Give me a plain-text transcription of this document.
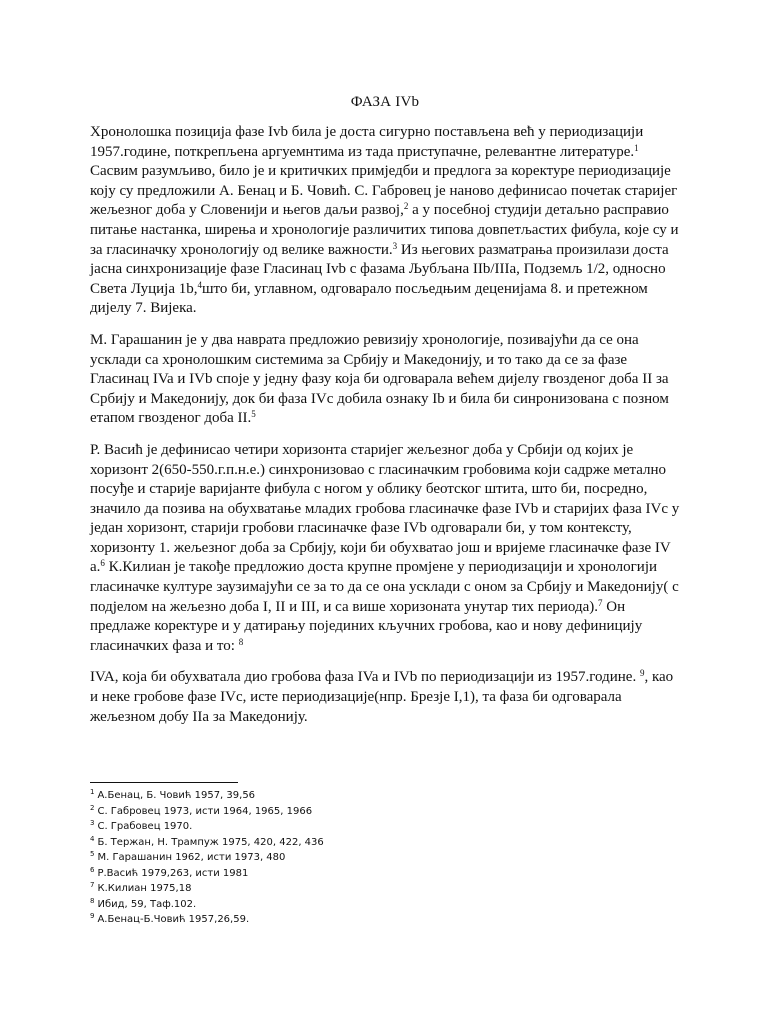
ФАЗА IVb

Хронолошка позиција фазе Ivb била је доста сигурно постављена већ у периодизацији 1957.године, поткрепљена аргуемнтима из тада приступачне, релевантне литературе.$^1$ Сасвим разумљиво, било је и критичких примједби и предлога за коректуре периодизације коју су предложили А. Бенац и Б. Човић. С. Габровец је наново дефинисао почетак старијег жељезног доба у Словенији и његов даљи развој,$^2$ а у посебној студији детаљно расправио питање настанка, ширења и хронологије различитих типова довпетљастих фибула, које су и за гласиначку хронологију од велике важности.$^3$ Из његових разматрања произилази доста јасна синхронизације фазе Гласинац Ivb с фазама Љубљана IIb/IIIa, Подземљ 1/2, односно Света Луција 1b,$^4$што би, углавном, одговарало посљедњим деценијама 8. и претежном дијелу 7. Вијека.

М. Гарашанин је у два наврата предложио ревизију хронологије, позивајући да се она усклади са хронолошким системима за Србију и Македонију, и то тако да се за фазе Гласинац IVa и IVb споје у једну фазу која би одговарала већем дијелу гвозденог доба II за Србију и Македонију, док би фаза IVc добила ознаку Ib и била би синронизована с позном етапом гвозденог доба II.$^5$

Р. Васић је дефинисао четири хоризонта старијег жељезног доба у Србији од којих је хоризонт 2(650-550.г.п.н.е.) синхронизовао с гласиначким гробовима који садрже метално посуђе и старије варијанте фибула с ногом у облику беотског штита, што би, посредно, значило да позива на обухватање младих гробова гласиначке фазе IVb и старијих фаза IVc у један хоризонт, старији гробови гласиначке фазе IVb одговарали би, у том контексту, хоризонту 1. жељезног доба за Србију, који би обухватао још и вријеме гласиначке фазе IV a.$^6$ К.Килиан је такође предложио доста крупне промјене у периодизацији и хронологији гласиначке културе заузимајући се за то да се она усклади с оном за Србију и Македонију( с подјелом на жељезно доба I, II и III, и са више хоризоната унутар тих периода).$^7$ Он предлаже коректуре и у датирању појединих кључних гробова, као и нову дефиницију гласиначких фаза и то: $^8$

IVA, која би обухватала дио гробова фаза IVa и IVb по периодизацији из 1957.године. $^9$, као и неке гробове фазе IVc, исте периодизације(нпр. Брезје I,1), та фаза би одговарала жељезном добу IIa за Македонију.

$^1$ А.Бенац, Б. Човић 1957, 39,56
$^2$ С. Габровец 1973, исти 1964, 1965, 1966
$^3$ С. Грабовец 1970.
$^4$ Б. Тержан, Н. Трампуж 1975, 420, 422, 436
$^5$ М. Гарашанин 1962, исти 1973, 480
$^6$ Р.Васић 1979,263, исти 1981
$^7$ К.Килиан 1975,18
$^8$ Ибид, 59, Таф.102.
$^9$ А.Бенац-Б.Човић 1957,26,59.
